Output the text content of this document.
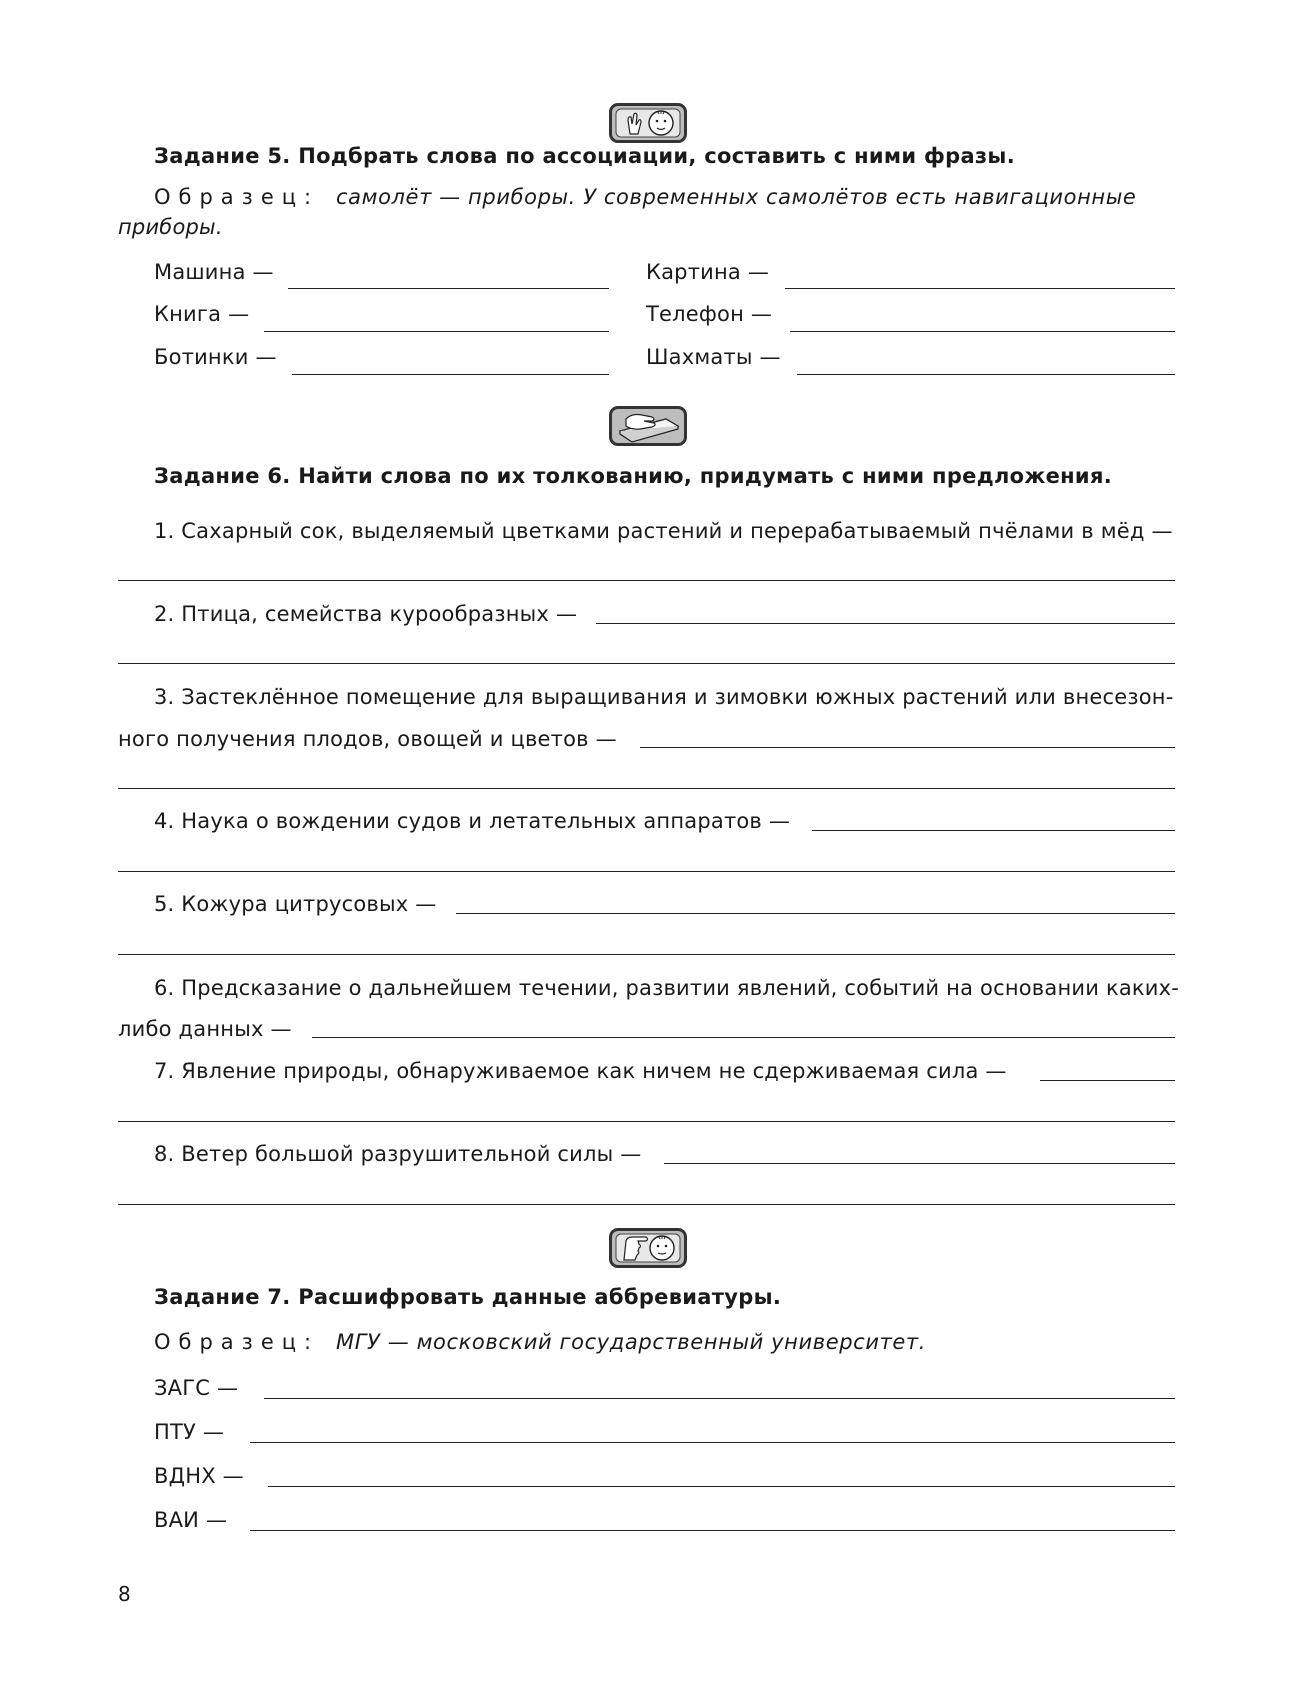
Задание 5. Подбрать слова по ассоциации, составить с ними фразы.
Образец: самолёт — приборы. У современных самолётов есть навигационные
приборы.
Машина —	Картина —
Книга —	Телефон —
Ботинки —	Шахматы —
Задание 6. Найти слова по их толкованию, придумать с ними предложения.
1. Сахарный сок, выделяемый цветками растений и перерабатываемый пчёлами в мёд —
2. Птица, семейства курообразных —
3. Застеклённое помещение для выращивания и зимовки южных растений или внесезон-
ного получения плодов, овощей и цветов —
4. Наука о вождении судов и летательных аппаратов —
5. Кожура цитрусовых —
6. Предсказание о дальнейшем течении, развитии явлений, событий на основании каких-
либо данных —
7. Явление природы, обнаруживаемое как ничем не сдерживаемая сила —
8. Ветер большой разрушительной силы —
Задание 7. Расшифровать данные аббревиатуры.
Образец: МГУ — московский государственный университет.
ЗАГС —
ПТУ —
ВДНХ —
ВАИ —
8
